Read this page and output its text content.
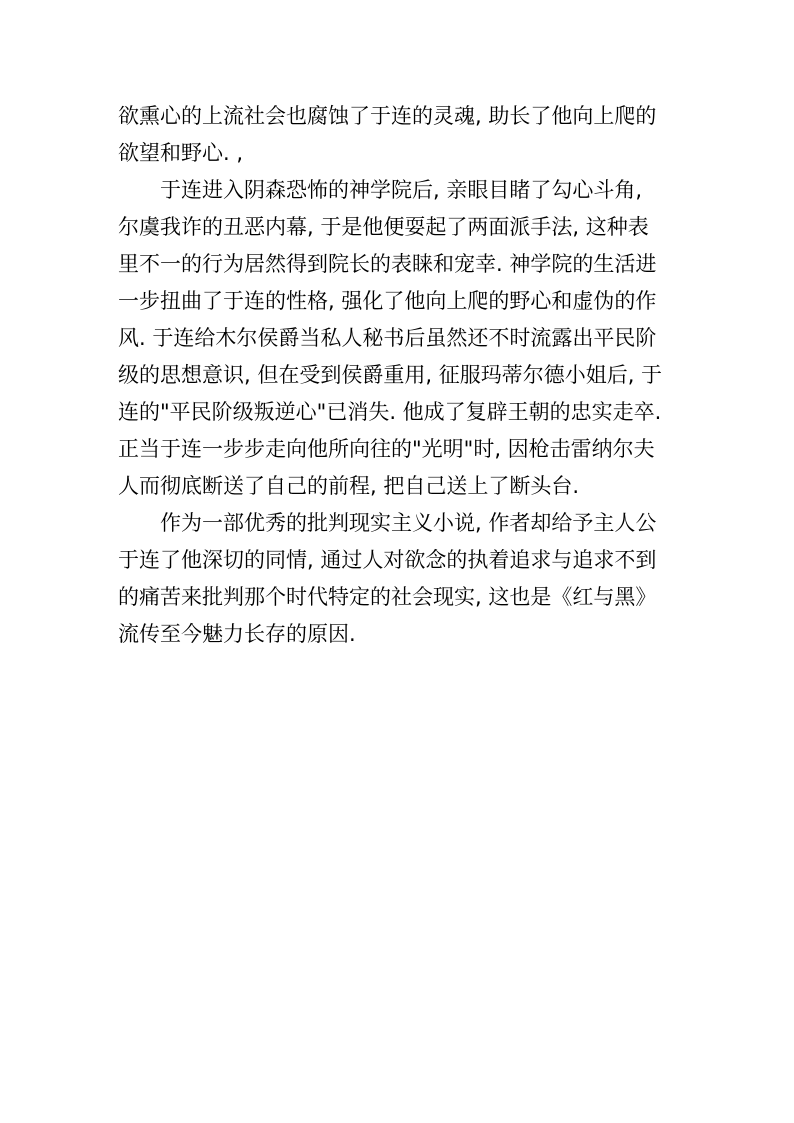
欲熏心的上流社会也腐蚀了于连的灵魂, 助长了他向上爬的
欲望和野心. ,
于连进入阴森恐怖的神学院后, 亲眼目睹了勾心斗角,
尔虞我诈的丑恶内幕, 于是他便耍起了两面派手法, 这种表
里不一的行为居然得到院长的表睐和宠幸. 神学院的生活进
一步扭曲了于连的性格, 强化了他向上爬的野心和虚伪的作
风. 于连给木尔侯爵当私人秘书后虽然还不时流露出平民阶
级的思想意识, 但在受到侯爵重用, 征服玛蒂尔德小姐后, 于
连的"平民阶级叛逆心"已消失. 他成了复辟王朝的忠实走卒.
正当于连一步步走向他所向往的"光明"时, 因枪击雷纳尔夫
人而彻底断送了自己的前程, 把自己送上了断头台.
作为一部优秀的批判现实主义小说, 作者却给予主人公
于连了他深切的同情, 通过人对欲念的执着追求与追求不到
的痛苦来批判那个时代特定的社会现实, 这也是《红与黑》
流传至今魅力长存的原因.
